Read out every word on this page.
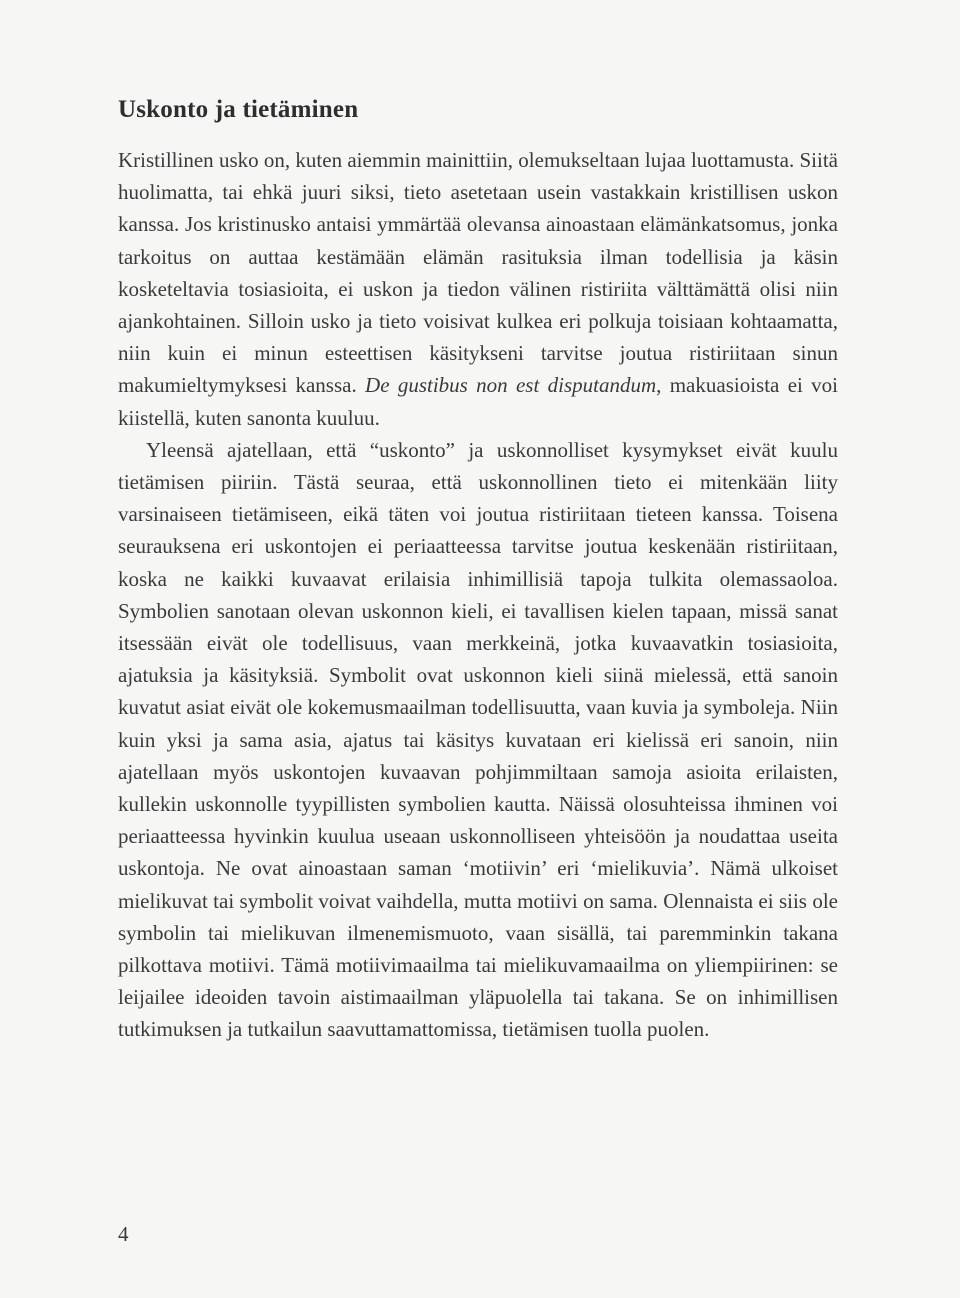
Uskonto ja tietäminen

Kristillinen usko on, kuten aiemmin mainittiin, olemukseltaan lujaa luottamusta. Siitä huolimatta, tai ehkä juuri siksi, tieto asetetaan usein vastakkain kristillisen uskon kanssa. Jos kristinusko antaisi ymmärtää olevansa ainoastaan elämänkatsomus, jonka tarkoitus on auttaa kestämään elämän rasituksia ilman todellisia ja käsin kosketeltavia tosiasioita, ei uskon ja tiedon välinen ristiriita välttämättä olisi niin ajankohtainen. Silloin usko ja tieto voisivat kulkea eri polkuja toisiaan kohtaamatta, niin kuin ei minun esteettisen käsitykseni tarvitse joutua ristiriitaan sinun makumieltymyksesi kanssa. De gustibus non est disputandum, makuasioista ei voi kiistellä, kuten sanonta kuuluu.

Yleensä ajatellaan, että “uskonto” ja uskonnolliset kysymykset eivät kuulu tietämisen piiriin. Tästä seuraa, että uskonnollinen tieto ei mitenkään liity varsinaiseen tietämiseen, eikä täten voi joutua ristiriitaan tieteen kanssa. Toisena seurauksena eri uskontojen ei periaatteessa tarvitse joutua keskenään ristiriitaan, koska ne kaikki kuvaavat erilaisia inhimillisiä tapoja tulkita olemassaoloa. Symbolien sanotaan olevan uskonnon kieli, ei tavallisen kielen tapaan, missä sanat itsessään eivät ole todellisuus, vaan merkkeinä, jotka kuvaavatkin tosiasioita, ajatuksia ja käsityksiä. Symbolit ovat uskonnon kieli siinä mielessä, että sanoin kuvatut asiat eivät ole kokemusmaailman todellisuutta, vaan kuvia ja symboleja. Niin kuin yksi ja sama asia, ajatus tai käsitys kuvataan eri kielissä eri sanoin, niin ajatellaan myös uskontojen kuvaavan pohjimmiltaan samoja asioita erilaisten, kullekin uskonnolle tyypillisten symbolien kautta. Näissä olosuhteissa ihminen voi periaatteessa hyvinkin kuulua useaan uskonnolliseen yhteisöön ja noudattaa useita uskontoja. Ne ovat ainoastaan saman ‘motiivin’ eri ‘mielikuvia’. Nämä ulkoiset mielikuvat tai symbolit voivat vaihdella, mutta motiivi on sama. Olennaista ei siis ole symbolin tai mielikuvan ilmenemismuoto, vaan sisällä, tai paremminkin takana pilkottava motiivi. Tämä motiivimaailma tai mielikuvamaailma on yliempiirinen: se leijailee ideoiden tavoin aistimaailman yläpuolella tai takana. Se on inhimillisen tutkimuksen ja tutkailun saavuttamattomissa, tietämisen tuolla puolen.

4
